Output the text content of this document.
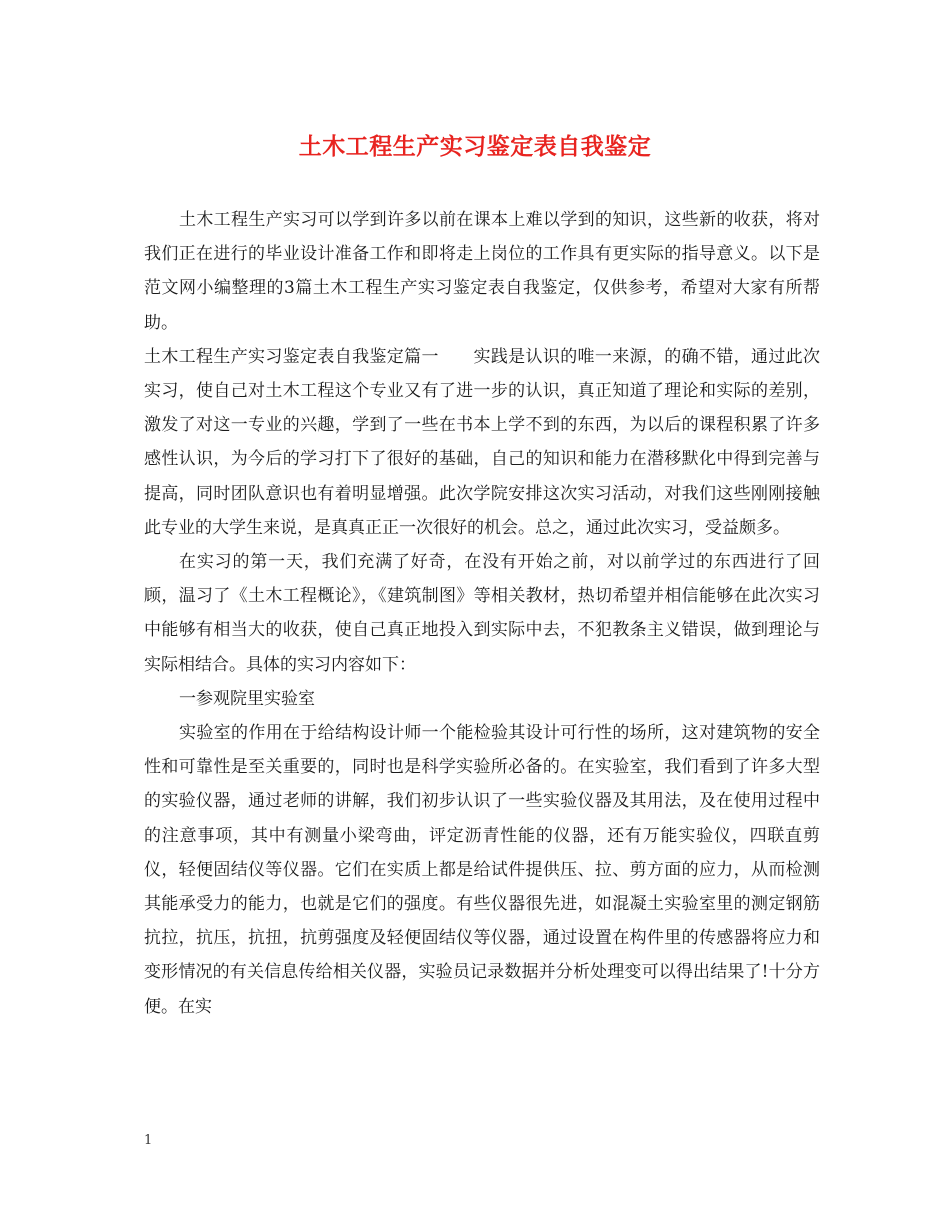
土木工程生产实习鉴定表自我鉴定

土木工程生产实习可以学到许多以前在课本上难以学到的知识，这些新的收获，将对我们正在进行的毕业设计准备工作和即将走上岗位的工作具有更实际的指导意义。以下是范文网小编整理的3篇土木工程生产实习鉴定表自我鉴定，仅供参考，希望对大家有所帮助。

土木工程生产实习鉴定表自我鉴定篇一　　实践是认识的唯一来源，的确不错，通过此次实习，使自己对土木工程这个专业又有了进一步的认识，真正知道了理论和实际的差别，激发了对这一专业的兴趣，学到了一些在书本上学不到的东西，为以后的课程积累了许多感性认识，为今后的学习打下了很好的基础，自己的知识和能力在潜移默化中得到完善与提高，同时团队意识也有着明显增强。此次学院安排这次实习活动，对我们这些刚刚接触此专业的大学生来说，是真真正正一次很好的机会。总之，通过此次实习，受益颇多。

在实习的第一天，我们充满了好奇，在没有开始之前，对以前学过的东西进行了回顾，温习了《土木工程概论》，《建筑制图》等相关教材，热切希望并相信能够在此次实习中能够有相当大的收获，使自己真正地投入到实际中去，不犯教条主义错误，做到理论与实际相结合。具体的实习内容如下：

一参观院里实验室

实验室的作用在于给结构设计师一个能检验其设计可行性的场所，这对建筑物的安全性和可靠性是至关重要的，同时也是科学实验所必备的。在实验室，我们看到了许多大型的实验仪器，通过老师的讲解，我们初步认识了一些实验仪器及其用法，及在使用过程中的注意事项，其中有测量小梁弯曲，评定沥青性能的仪器，还有万能实验仪，四联直剪仪，轻便固结仪等仪器。它们在实质上都是给试件提供压、拉、剪方面的应力，从而检测其能承受力的能力，也就是它们的强度。有些仪器很先进，如混凝土实验室里的测定钢筋抗拉，抗压，抗扭，抗剪强度及轻便固结仪等仪器，通过设置在构件里的传感器将应力和变形情况的有关信息传给相关仪器，实验员记录数据并分析处理变可以得出结果了!十分方便。在实

1
